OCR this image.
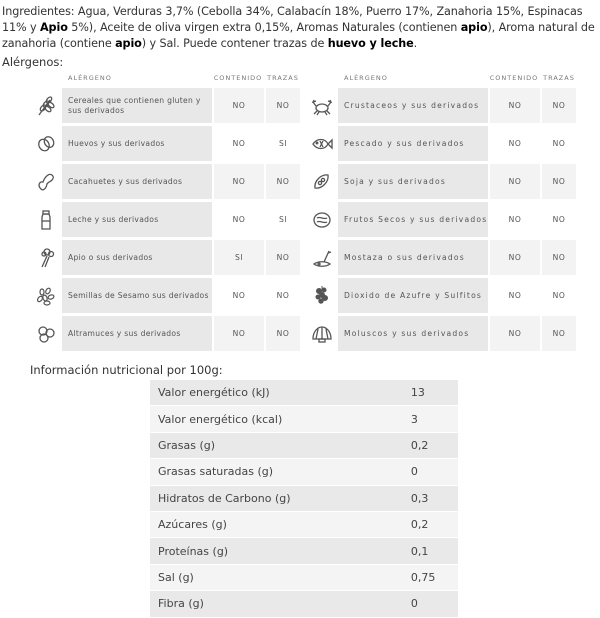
Ingredientes: Agua, Verduras 3,7% (Cebolla 34%, Calabacín 18%, Puerro 17%, Zanahoria 15%, Espinacas 11% y Apio 5%), Aceite de oliva virgen extra 0,15%, Aromas Naturales (contienen apio), Aroma natural de zanahoria (contiene apio) y Sal. Puede contener trazas de huevo y leche.
Alérgenos:
ALÉRGENO	CONTENIDO TRAZAS
Cereales que contienen gluten y sus derivados	NO	NO
Huevos y sus derivados	NO	SI
Cacahuetes y sus derivados	NO	NO
Leche y sus derivados	NO	SI
Apio o sus derivados	SI	NO
Semillas de Sesamo sus derivados	NO	NO
Altramuces y sus derivados	NO	NO
ALÉRGENO	CONTENIDO TRAZAS
Crustaceos y sus derivados	NO	NO
Pescado y sus derivados	NO	NO
Soja y sus derivados	NO	NO
Frutos Secos y sus derivados	NO	NO
Mostaza o sus derivados	NO	NO
Dioxido de Azufre y Sulfitos	NO	NO
Moluscos y sus derivados	NO	NO
Información nutricional por 100g:
Valor energético (kJ)	13
Valor energético (kcal)	3
Grasas (g)	0,2
Grasas saturadas (g)	0
Hidratos de Carbono (g)	0,3
Azúcares (g)	0,2
Proteínas (g)	0,1
Sal (g)	0,75
Fibra (g)	0
